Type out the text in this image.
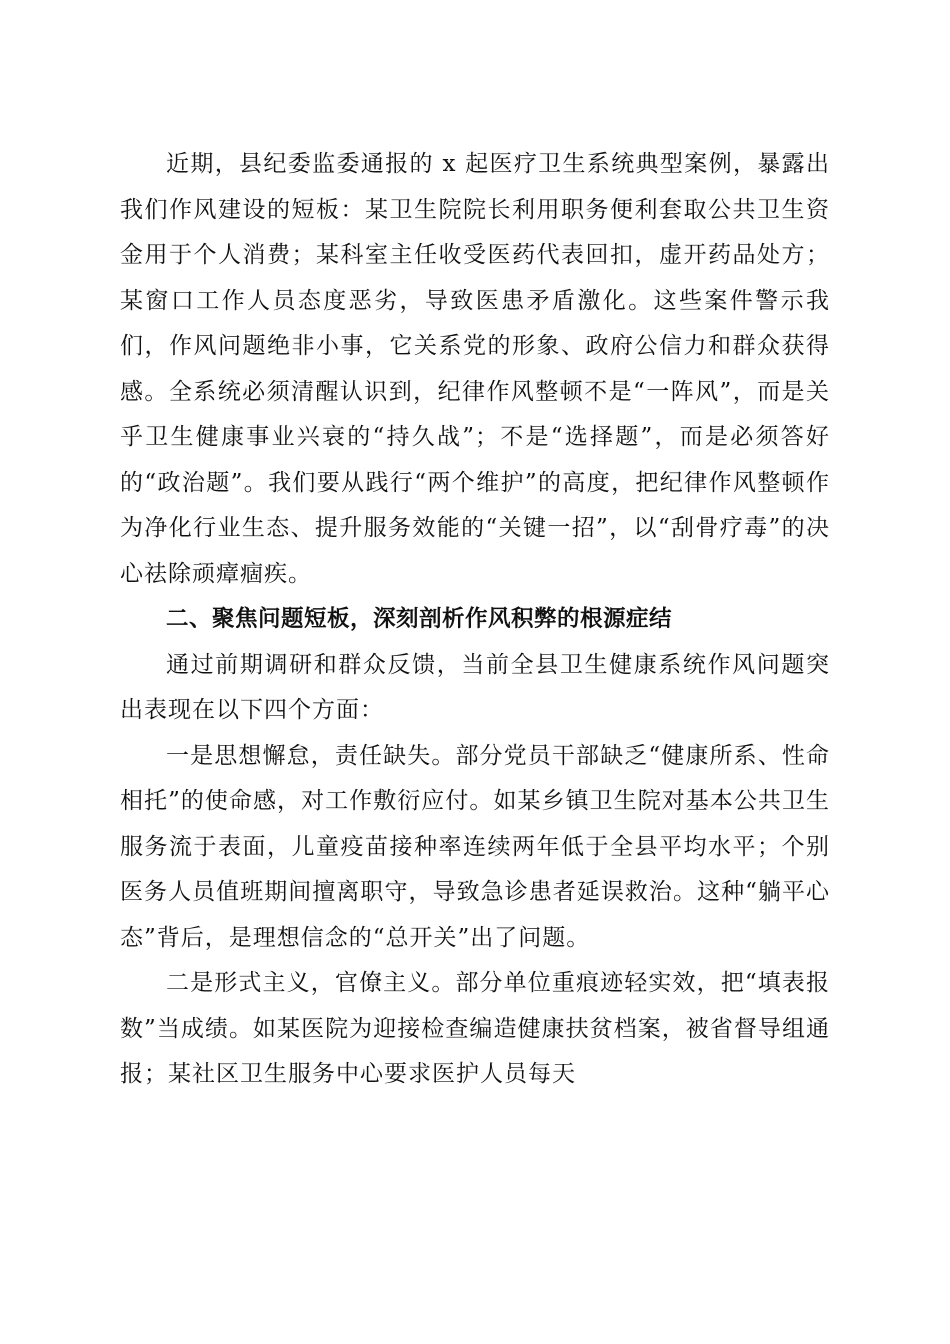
近期，县纪委监委通报的 x 起医疗卫生系统典型案例，暴露出我们作风建设的短板：某卫生院院长利用职务便利套取公共卫生资金用于个人消费；某科室主任收受医药代表回扣，虚开药品处方；某窗口工作人员态度恶劣，导致医患矛盾激化。这些案件警示我们，作风问题绝非小事，它关系党的形象、政府公信力和群众获得感。全系统必须清醒认识到，纪律作风整顿不是“一阵风”，而是关乎卫生健康事业兴衰的“持久战”；不是“选择题”，而是必须答好的“政治题”。我们要从践行“两个维护”的高度，把纪律作风整顿作为净化行业生态、提升服务效能的“关键一招”，以“刮骨疗毒”的决心祛除顽瘴痼疾。

二、聚焦问题短板，深刻剖析作风积弊的根源症结

通过前期调研和群众反馈，当前全县卫生健康系统作风问题突出表现在以下四个方面：

一是思想懈怠，责任缺失。部分党员干部缺乏“健康所系、性命相托”的使命感，对工作敷衍应付。如某乡镇卫生院对基本公共卫生服务流于表面，儿童疫苗接种率连续两年低于全县平均水平；个别医务人员值班期间擅离职守，导致急诊患者延误救治。这种“躺平心态”背后，是理想信念的“总开关”出了问题。

二是形式主义，官僚主义。部分单位重痕迹轻实效，把“填表报数”当成绩。如某医院为迎接检查编造健康扶贫档案，被省督导组通报；某社区卫生服务中心要求医护人员每天
